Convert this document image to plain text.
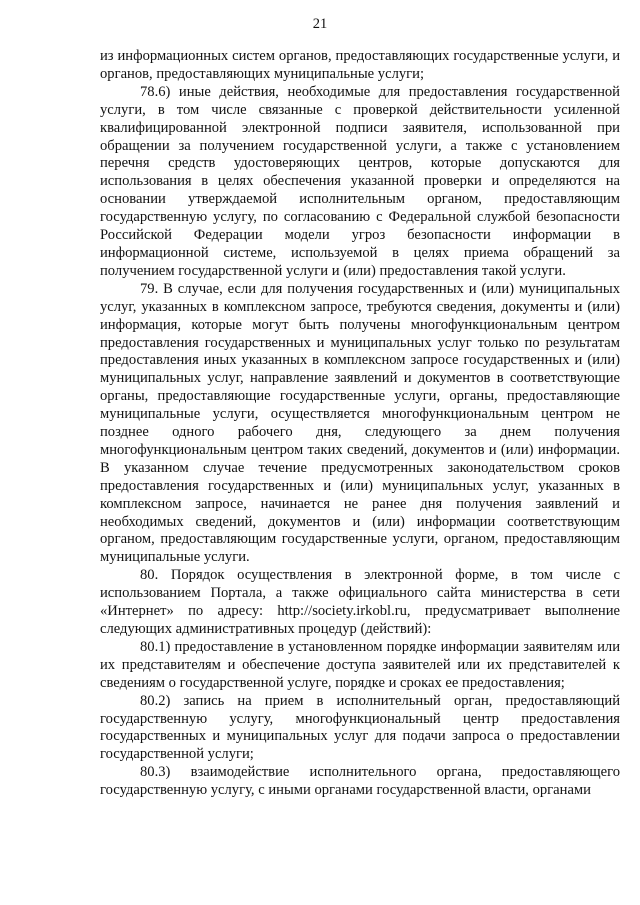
21

из информационных систем органов, предоставляющих государственные услуги, и органов, предоставляющих муниципальные услуги;

78.6) иные действия, необходимые для предоставления государственной услуги, в том числе связанные с проверкой действительности усиленной квалифицированной электронной подписи заявителя, использованной при обращении за получением государственной услуги, а также с установлением перечня средств удостоверяющих центров, которые допускаются для использования в целях обеспечения указанной проверки и определяются на основании утверждаемой исполнительным органом, предоставляющим государственную услугу, по согласованию с Федеральной службой безопасности Российской Федерации модели угроз безопасности информации в информационной системе, используемой в целях приема обращений за получением государственной услуги и (или) предоставления такой услуги.

79. В случае, если для получения государственных и (или) муниципальных услуг, указанных в комплексном запросе, требуются сведения, документы и (или) информация, которые могут быть получены многофункциональным центром предоставления государственных и муниципальных услуг только по результатам предоставления иных указанных в комплексном запросе государственных и (или) муниципальных услуг, направление заявлений и документов в соответствующие органы, предоставляющие государственные услуги, органы, предоставляющие муниципальные услуги, осуществляется многофункциональным центром не позднее одного рабочего дня, следующего за днем получения многофункциональным центром таких сведений, документов и (или) информации. В указанном случае течение предусмотренных законодательством сроков предоставления государственных и (или) муниципальных услуг, указанных в комплексном запросе, начинается не ранее дня получения заявлений и необходимых сведений, документов и (или) информации соответствующим органом, предоставляющим государственные услуги, органом, предоставляющим муниципальные услуги.

80. Порядок осуществления в электронной форме, в том числе с использованием Портала, а также официального сайта министерства в сети «Интернет» по адресу: http://society.irkobl.ru, предусматривает выполнение следующих административных процедур (действий):

80.1) предоставление в установленном порядке информации заявителям или их представителям и обеспечение доступа заявителей или их представителей к сведениям о государственной услуге, порядке и сроках ее предоставления;

80.2) запись на прием в исполнительный орган, предоставляющий государственную услугу, многофункциональный центр предоставления государственных и муниципальных услуг для подачи запроса о предоставлении государственной услуги;

80.3) взаимодействие исполнительного органа, предоставляющего государственную услугу, с иными органами государственной власти, органами
